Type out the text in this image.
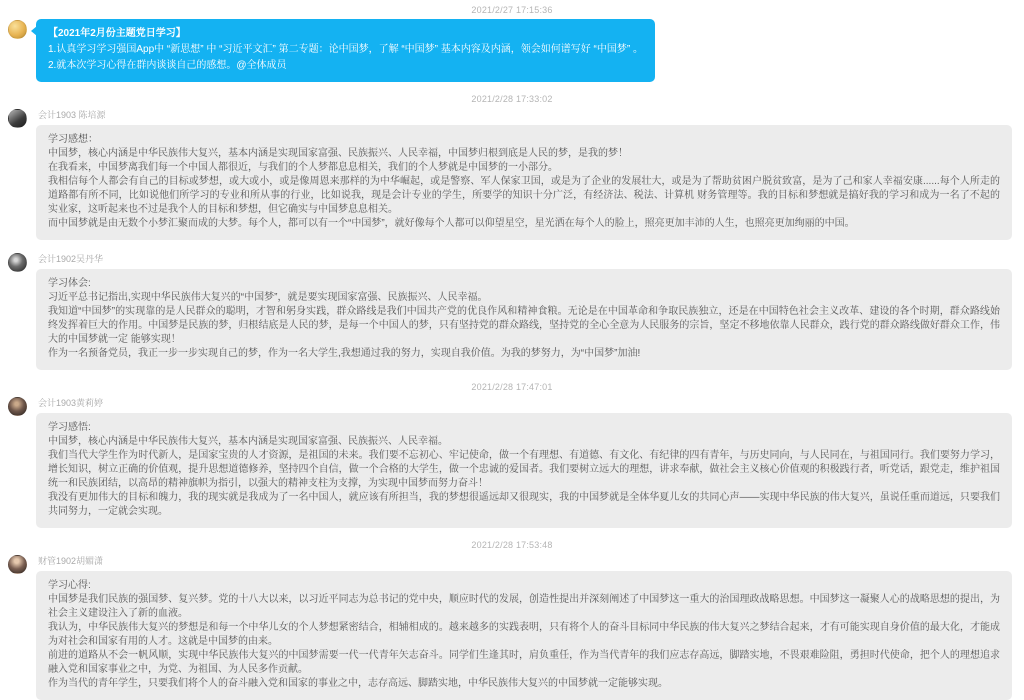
2021/2/27 17:15:36

【2021年2月份主题党日学习】

1.认真学习学习强国App中 “新思想” 中 “习近平文汇” 第二专题：论中国梦，了解 “中国梦” 基本内容及内涵，领会如何谱写好 “中国梦” 。

2.就本次学习心得在群内谈谈自己的感想。@全体成员

2021/2/28 17:33:02
会计1903 陈培源

学习感想：

中国梦，核心内涵是中华民族伟大复兴，基本内涵是实现国家富强、民族振兴、人民幸福，中国梦归根到底是人民的梦，是我的梦！

在我看来，中国梦离我们每一个中国人都很近，与我们的个人梦都息息相关，我们的个人梦就是中国梦的一小部分。

我相信每个人都会有自己的目标或梦想，或大或小，或是像周恩来那样的为中华崛起，或是警察、军人保家卫国，或是为了企业的发展壮大，或是为了帮助贫困户脱贫致富，是为了己和家人幸福安康......每个人所走的道路都有所不同，比如说他们所学习的专业和所从事的行业，比如说我，现是会计专业的学生，所要学的知识十分广泛，有经济法、税法、计算机 财务管理等。我的目标和梦想就是搞好我的学习和成为一名了不起的实业家，这听起来也不过是我个人的目标和梦想，但它确实与中国梦息息相关。

而中国梦就是由无数个小梦汇聚而成的大梦。每个人，都可以有一个“中国梦”，就好像每个人都可以仰望星空，星光洒在每个人的脸上，照亮更加丰沛的人生，也照亮更加绚丽的中国。

会计1902吴丹华

学习体会:

习近平总书记指出,实现中华民族伟大复兴的“中国梦”，就是要实现国家富强、民族振兴、人民幸福。

我知道“中国梦”的实现靠的是人民群众的聪明，才智和躬身实践，群众路线是我们中国共产党的优良作风和精神食粮。无论是在中国革命和争取民族独立，还是在中国特色社会主义改革、建设的各个时期，群众路线始终发挥着巨大的作用。中国梦是民族的梦，归根结底是人民的梦，是每一个中国人的梦，只有坚持党的群众路线，坚持党的全心全意为人民服务的宗旨，坚定不移地依靠人民群众，践行党的群众路线做好群众工作，伟大的中国梦就一定 能够实现！

作为一名预备党员，我正一步一步实现自己的梦，作为一名大学生,我想通过我的努力，实现自我价值。为我的梦努力，为“中国梦”加油!

2021/2/28 17:47:01
会计1903黄莉婷

学习感悟:

中国梦，核心内涵是中华民族伟大复兴，基本内涵是实现国家富强、民族振兴、人民幸福。

我们当代大学生作为时代新人，是国家宝贵的人才资源，是祖国的未来。我们要不忘初心、牢记使命，做一个有理想、有道德、有文化、有纪律的四有青年，与历史同向，与人民同在，与祖国同行。我们要努力学习，增长知识，树立正确的价值观，提升思想道德修养，坚持四个自信，做一个合格的大学生，做一个忠诚的爱国者。我们要树立远大的理想，讲求奉献，做社会主义核心价值观的积极践行者，听党话，跟党走，维护祖国统一和民族团结，以高昂的精神旗帜为指引，以强大的精神支柱为支撑，为实现中国梦而努力奋斗！

我没有更加伟大的目标和魄力，我的现实就是我成为了一名中国人，就应该有所担当，我的梦想很遥远却又很现实，我的中国梦就是全体华夏儿女的共同心声——实现中华民族的伟大复兴，虽说任重而道远，只要我们共同努力，一定就会实现。

2021/2/28 17:53:48
财管1902胡媚潇

学习心得:

中国梦是我们民族的强国梦、复兴梦。党的十八大以来，以习近平同志为总书记的党中央，顺应时代的发展，创造性提出并深刻阐述了中国梦这一重大的治国理政战略思想。中国梦这一凝聚人心的战略思想的提出，为社会主义建设注入了新的血液。

我认为，中华民族伟大复兴的梦想是和每一个中华儿女的个人梦想紧密结合，相辅相成的。越来越多的实践表明，只有将个人的奋斗目标同中华民族的伟大复兴之梦结合起来，才有可能实现自身价值的最大化，才能成为对社会和国家有用的人才。这就是中国梦的由来。

前进的道路从不会一帆风顺，实现中华民族伟大复兴的中国梦需要一代一代青年矢志奋斗。同学们生逢其时，肩负重任，作为当代青年的我们应志存高远，脚踏实地，不畏艰难险阻，勇担时代使命，把个人的理想追求融入党和国家事业之中，为党、为祖国、为人民多作贡献。

作为当代的青年学生，只要我们将个人的奋斗融入党和国家的事业之中，志存高远、脚踏实地，中华民族伟大复兴的中国梦就一定能够实现。
